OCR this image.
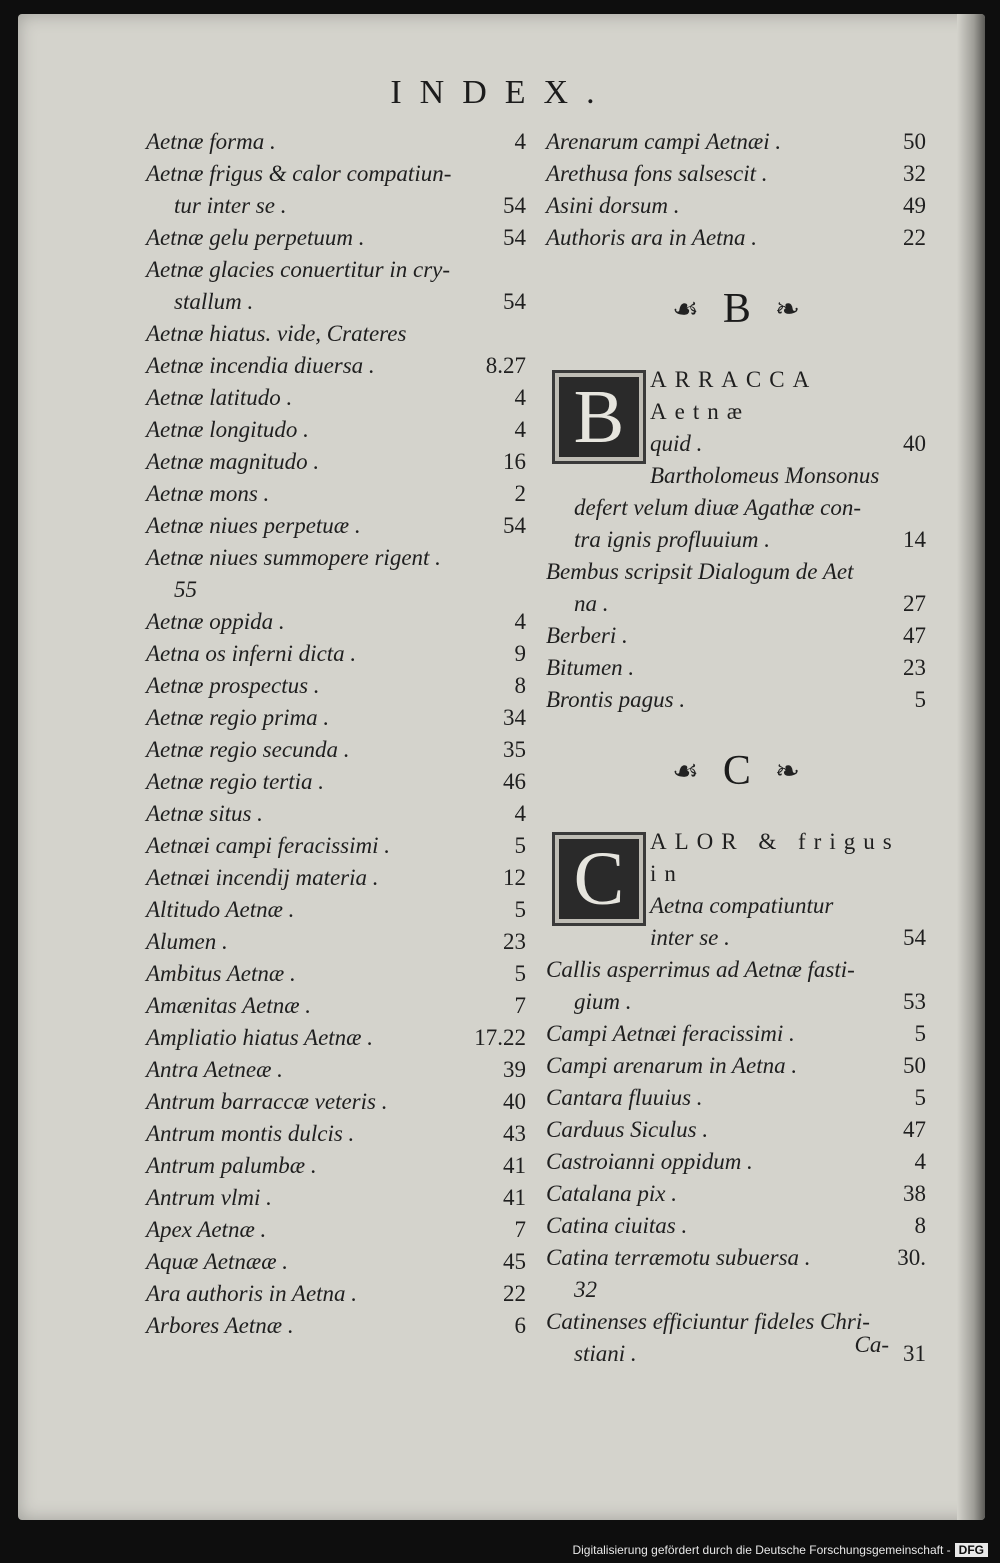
INDEX.
Aetnæ forma .	4
Aetnæ frigus & calor compatiun-
tur inter se .	54
Aetnæ gelu perpetuum .	54
Aetnæ glacies conuertitur in cry-
stallum .	54
Aetnæ hiatus. vide, Crateres
Aetnæ incendia diuersa .	8.27
Aetnæ latitudo .	4
Aetnæ longitudo .	4
Aetnæ magnitudo .	16
Aetnæ mons .	2
Aetnæ niues perpetuæ .	54
Aetnæ niues summopere rigent .
55
Aetnæ oppida .	4
Aetna os inferni dicta .	9
Aetnæ prospectus .	8
Aetnæ regio prima .	34
Aetnæ regio secunda .	35
Aetnæ regio tertia .	46
Aetnæ situs .	4
Aetnæi campi feracissimi .	5
Aetnæi incendij materia .	12
Altitudo Aetnæ .	5
Alumen .	23
Ambitus Aetnæ .	5
Amænitas Aetnæ .	7
Ampliatio hiatus Aetnæ .	17.22
Antra Aetneæ .	39
Antrum barraccæ veteris .	40
Antrum montis dulcis .	43
Antrum palumbæ .	41
Antrum vlmi .	41
Apex Aetnæ .	7
Aquæ Aetnææ .	45
Ara authoris in Aetna .	22
Arbores Aetnæ .	6
Arenarum campi Aetnæi .	50
Arethusa fons salsescit .	32
Asini dorsum .	49
Authoris ara in Aetna .	22
☙ B ❧
B	ARRACCA Aetnæ
quid .	40
Bartholomeus Monsonus
defert velum diuæ Agathæ con-
tra ignis profluuium .	14
Bembus scripsit Dialogum de Aet
na .	27
Berberi .	47
Bitumen .	23
Brontis pagus .	5
☙ C ❧
C	ALOR & frigus in
Aetna compatiuntur
inter se .	54
Callis asperrimus ad Aetnæ fasti-
gium .	53
Campi Aetnæi feracissimi .	5
Campi arenarum in Aetna .	50
Cantara fluuius .	5
Carduus Siculus .	47
Castroianni oppidum .	4
Catalana pix .	38
Catina ciuitas .	8
Catina terræmotu subuersa .	30.
32
Catinenses efficiuntur fideles Chri-
stiani .	31
Ca-
Digitalisierung gefördert durch die Deutsche Forschungsgemeinschaft - DFG
